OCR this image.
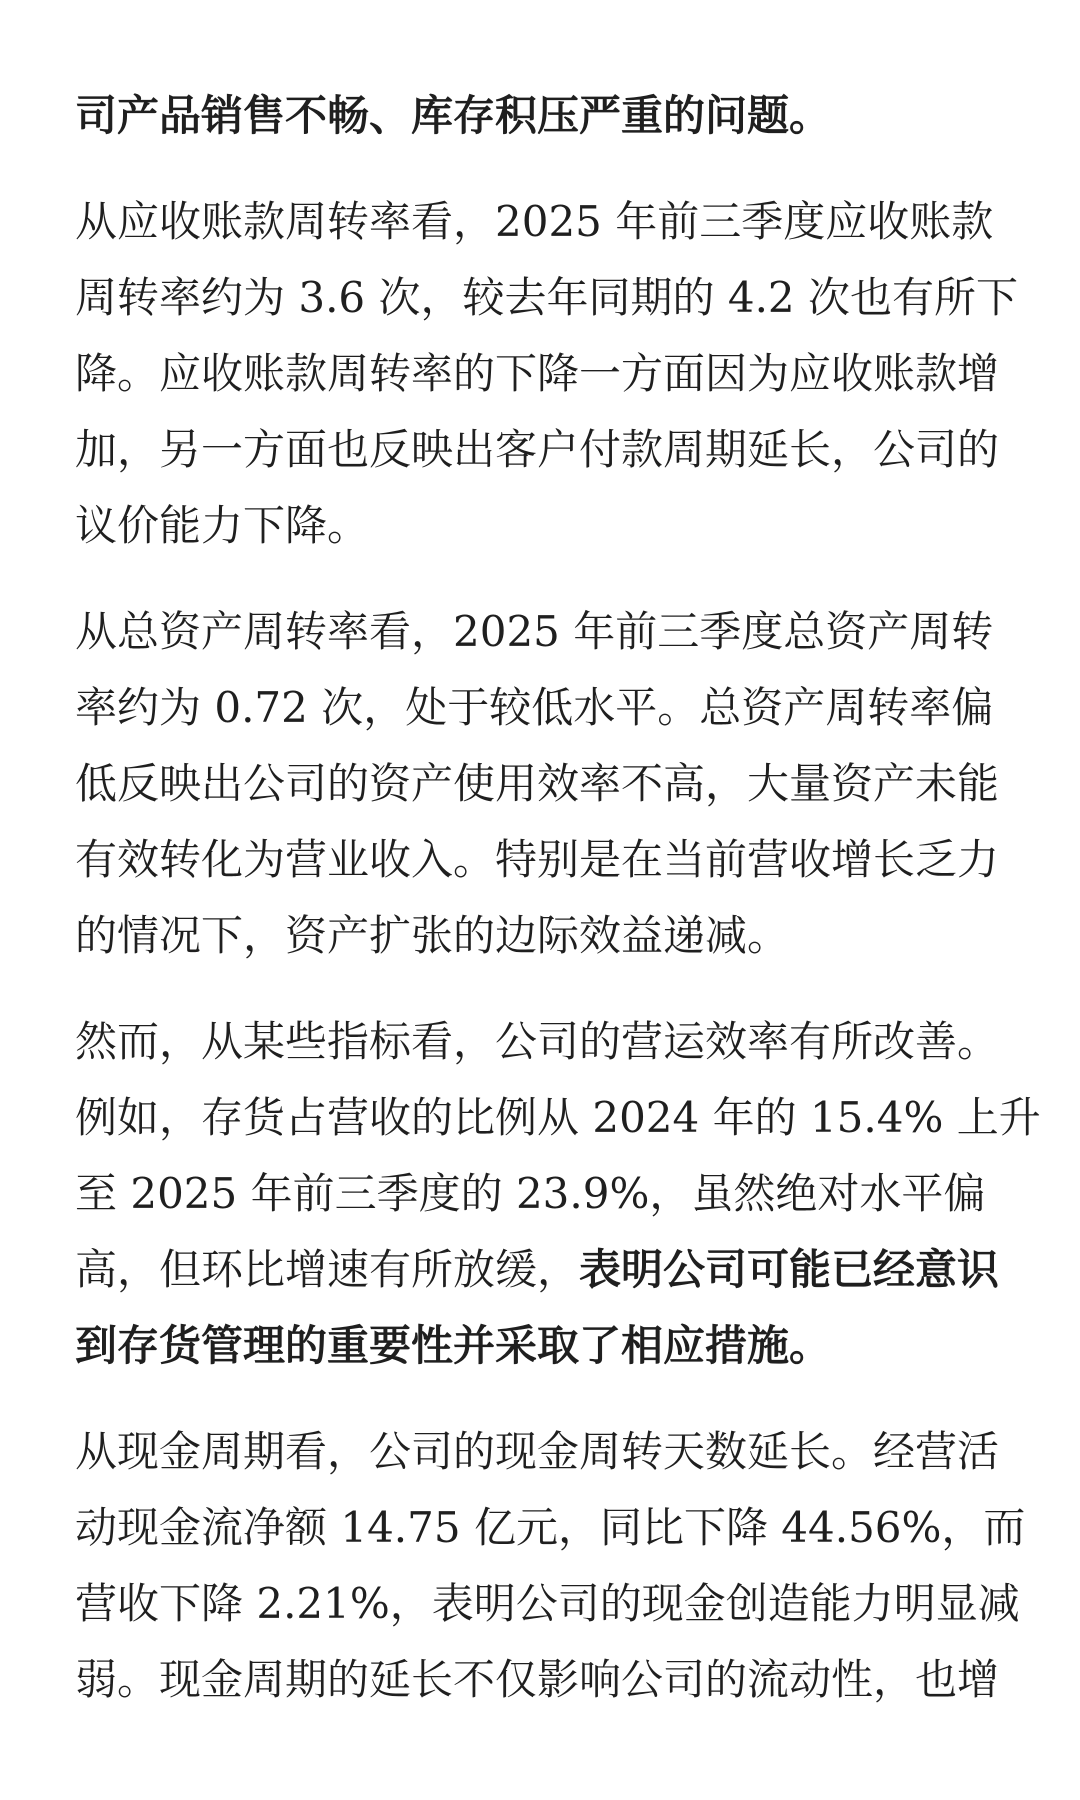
司产品销售不畅、库存积压严重的问题。

从应收账款周转率看，2025 年前三季度应收账款
周转率约为 3.6 次，较去年同期的 4.2 次也有所下
降。应收账款周转率的下降一方面因为应收账款增
加，另一方面也反映出客户付款周期延长，公司的
议价能力下降。

从总资产周转率看，2025 年前三季度总资产周转
率约为 0.72 次，处于较低水平。总资产周转率偏
低反映出公司的资产使用效率不高，大量资产未能
有效转化为营业收入。特别是在当前营收增长乏力
的情况下，资产扩张的边际效益递减。

然而，从某些指标看，公司的营运效率有所改善。
例如，存货占营收的比例从 2024 年的 15.4% 上升
至 2025 年前三季度的 23.9%，虽然绝对水平偏
高，但环比增速有所放缓，表明公司可能已经意识
到存货管理的重要性并采取了相应措施。

从现金周期看，公司的现金周转天数延长。经营活
动现金流净额 14.75 亿元，同比下降 44.56%，而
营收下降 2.21%，表明公司的现金创造能力明显减
弱。现金周期的延长不仅影响公司的流动性，也增
